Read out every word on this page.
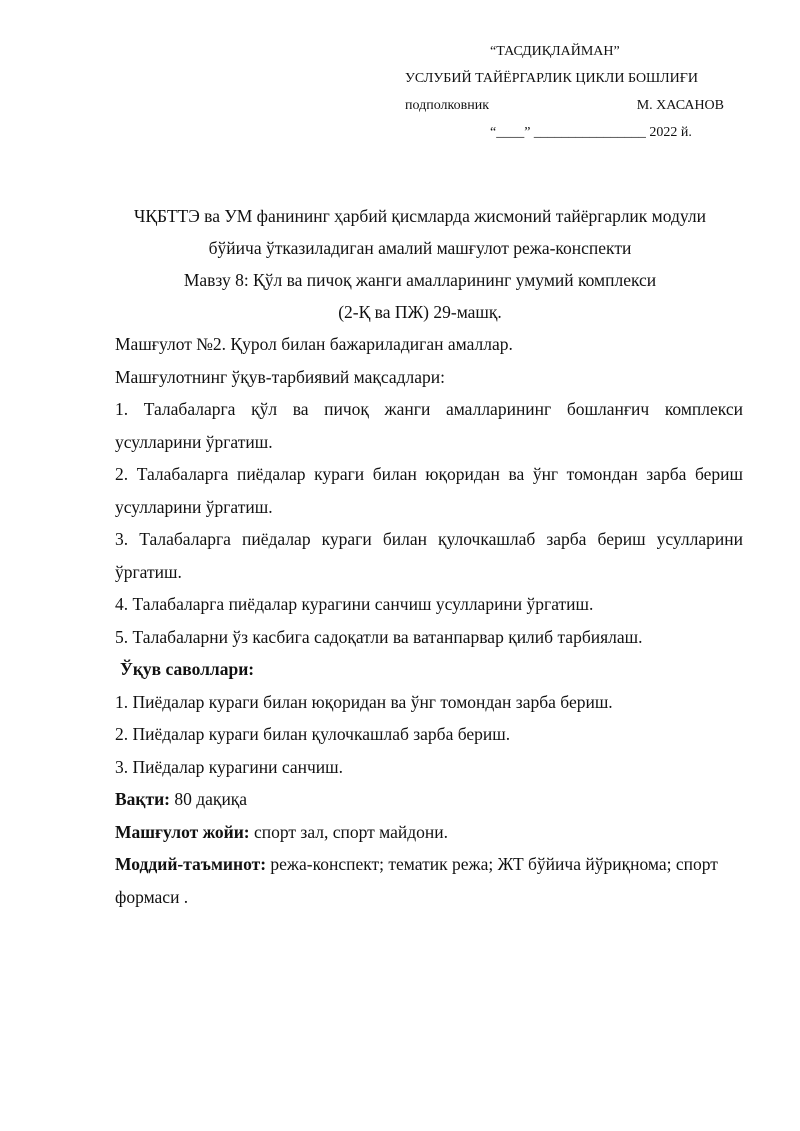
“ТАСДИҚЛАЙМАН”
УСЛУБИЙ ТАЙЁРГАРЛИК ЦИКЛИ БОШЛИҒИ
подполковник	М. ХАСАНОВ
“____” ________________ 2022 й.
ЧҚБТТЭ ва УМ фанининг ҳарбий қисмларда жисмоний тайёргарлик модули
бўйича ўтказиладиган амалий машғулот режа-конспекти
Мавзу 8: Қўл ва пичоқ жанги амалларининг умумий комплекси
(2-Қ ва ПЖ) 29-машқ.

Машғулот №2. Қурол билан бажариладиган амаллар.

Машғулотнинг ўқув-тарбиявий мақсадлари:

1. Талабаларга қўл ва пичоқ жанги амалларининг бошланғич комплекси усулларини ўргатиш.

2. Талабаларга пиёдалар кураги билан юқоридан ва ўнг томондан зарба бериш усулларини ўргатиш.

3. Талабаларга пиёдалар кураги билан қулочкашлаб зарба бериш усулларини ўргатиш.

4. Талабаларга пиёдалар курагини санчиш усулларини ўргатиш.

5. Талабаларни ўз касбига садоқатли ва ватанпарвар қилиб тарбиялаш.

Ўқув саволлари:

1. Пиёдалар кураги билан юқоридан ва ўнг томондан зарба бериш.

2. Пиёдалар кураги билан қулочкашлаб зарба бериш.

3. Пиёдалар курагини санчиш.

Вақти: 80 дақиқа

Машғулот жойи: спорт зал, спорт майдони.

Моддий-таъминот: режа-конспект; тематик режа; ЖТ бўйича йўриқнома; спорт формаси .
